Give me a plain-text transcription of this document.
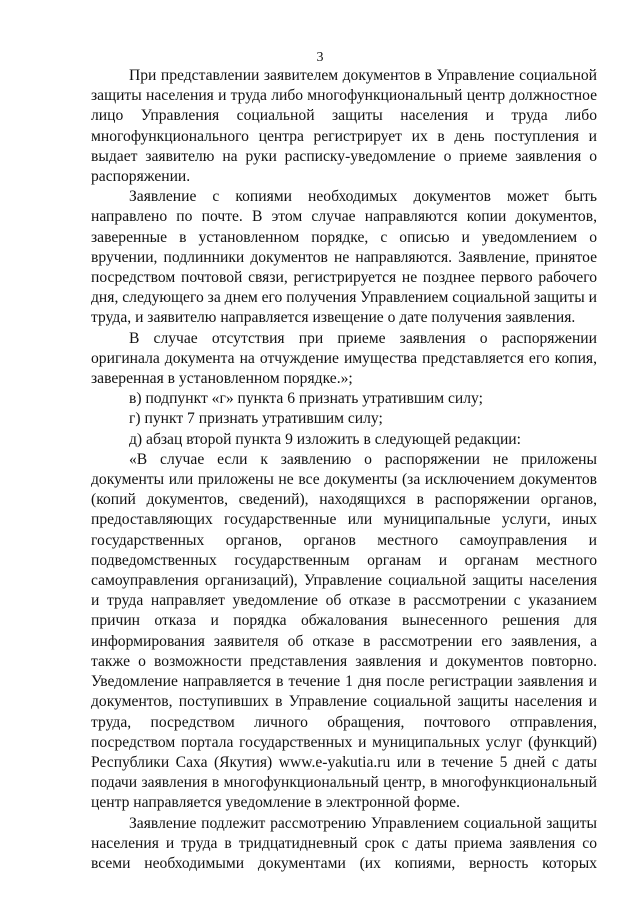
3

При представлении заявителем документов в Управление социальной защиты населения и труда либо многофункциональный центр должностное лицо Управления социальной защиты населения и труда либо многофункционального центра регистрирует их в день поступления и выдает заявителю на руки расписку-уведомление о приеме заявления о распоряжении.

Заявление с копиями необходимых документов может быть направлено по почте. В этом случае направляются копии документов, заверенные в установленном порядке, с описью и уведомлением о вручении, подлинники документов не направляются. Заявление, принятое посредством почтовой связи, регистрируется не позднее первого рабочего дня, следующего за днем его получения Управлением социальной защиты и труда, и заявителю направляется извещение о дате получения заявления.

В случае отсутствия при приеме заявления о распоряжении оригинала документа на отчуждение имущества представляется его копия, заверенная в установленном порядке.»;

в) подпункт «г» пункта 6 признать утратившим силу;

г) пункт 7 признать утратившим силу;

д) абзац второй пункта 9 изложить в следующей редакции:

«В случае если к заявлению о распоряжении не приложены документы или приложены не все документы (за исключением документов (копий документов, сведений), находящихся в распоряжении органов, предоставляющих государственные или муниципальные услуги, иных государственных органов, органов местного самоуправления и подведомственных государственным органам и органам местного самоуправления организаций), Управление социальной защиты населения и труда направляет уведомление об отказе в рассмотрении с указанием причин отказа и порядка обжалования вынесенного решения для информирования заявителя об отказе в рассмотрении его заявления, а также о возможности представления заявления и документов повторно. Уведомление направляется в течение 1 дня после регистрации заявления и документов, поступивших в Управление социальной защиты населения и труда, посредством личного обращения, почтового отправления, посредством портала государственных и муниципальных услуг (функций) Республики Саха (Якутия) www.e-yakutia.ru или в течение 5 дней с даты подачи заявления в многофункциональный центр, в многофункциональный центр направляется уведомление в электронной форме.

Заявление подлежит рассмотрению Управлением социальной защиты населения и труда в тридцатидневный срок с даты приема заявления со всеми необходимыми документами (их копиями, верность которых
